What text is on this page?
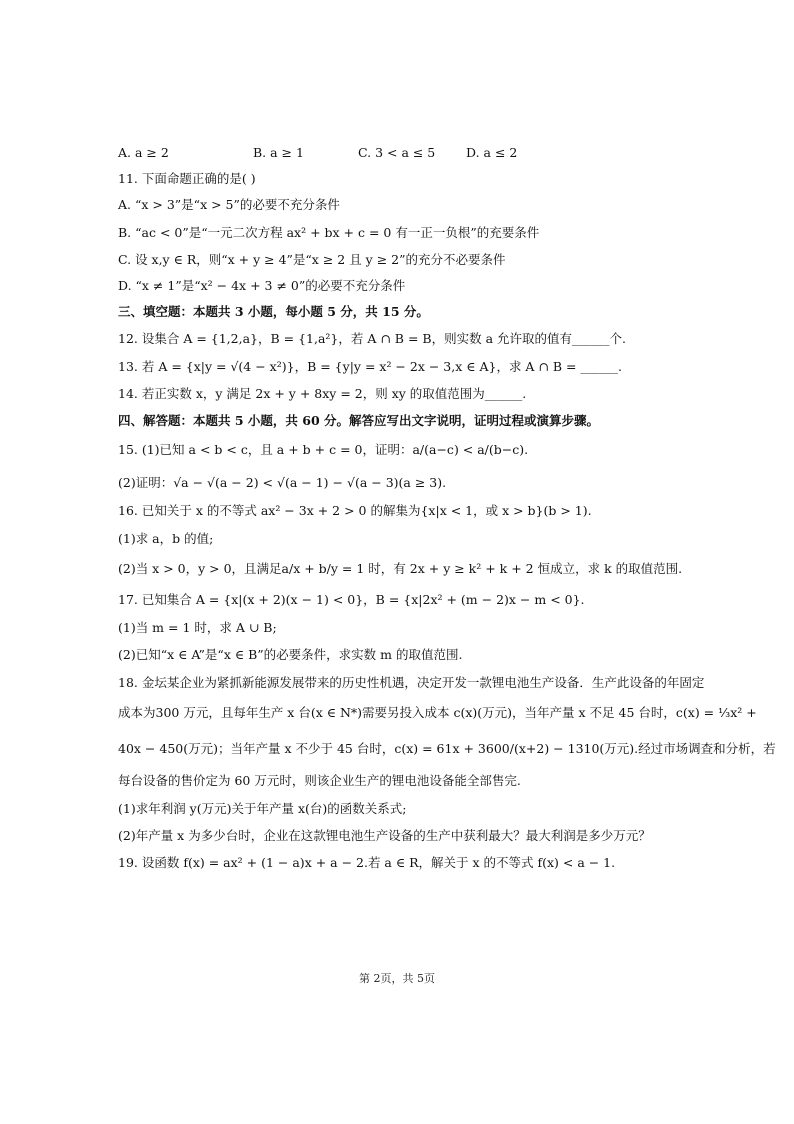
A. a ≥ 2	B. a ≥ 1	C. 3 < a ≤ 5 D. a ≤ 2
11. 下面命题正确的是( )
A. “x > 3”是“x > 5”的必要不充分条件
B. “ac < 0”是“一元二次方程 ax² + bx + c = 0 有一正一负根”的充要条件
C. 设 x,y ∈ R，则“x + y ≥ 4”是“x ≥ 2 且 y ≥ 2”的充分不必要条件
D. “x ≠ 1”是“x² − 4x + 3 ≠ 0”的必要不充分条件
三、填空题：本题共 3 小题，每小题 5 分，共 15 分。
12. 设集合 A = {1,2,a}，B = {1,a²}，若 A ∩ B = B，则实数 a 允许取的值有______个.
13. 若 A = {x|y = √(4 − x²)}，B = {y|y = x² − 2x − 3,x ∈ A}，求 A ∩ B = ______.
14. 若正实数 x，y 满足 2x + y + 8xy = 2，则 xy 的取值范围为______.
四、解答题：本题共 5 小题，共 60 分。解答应写出文字说明，证明过程或演算步骤。
15. (1)已知 a < b < c，且 a + b + c = 0，证明：a/(a−c) < a/(b−c).
(2)证明：√a − √(a − 2) < √(a − 1) − √(a − 3)(a ≥ 3).
16. 已知关于 x 的不等式 ax² − 3x + 2 > 0 的解集为{x|x < 1，或 x > b}(b > 1).
(1)求 a，b 的值;
(2)当 x > 0，y > 0，且满足a/x + b/y = 1 时，有 2x + y ≥ k² + k + 2 恒成立，求 k 的取值范围.
17. 已知集合 A = {x|(x + 2)(x − 1) < 0}，B = {x|2x² + (m − 2)x − m < 0}.
(1)当 m = 1 时，求 A ∪ B;
(2)已知“x ∈ A”是“x ∈ B”的必要条件，求实数 m 的取值范围.
18. 金坛某企业为紧抓新能源发展带来的历史性机遇，决定开发一款锂电池生产设备．生产此设备的年固定
成本为300 万元，且每年生产 x 台(x ∈ N*)需要另投入成本 c(x)(万元)，当年产量 x 不足 45 台时，c(x) = ⅓x² +
40x − 450(万元)；当年产量 x 不少于 45 台时，c(x) = 61x + 3600/(x+2) − 1310(万元).经过市场调查和分析，若
每台设备的售价定为 60 万元时，则该企业生产的锂电池设备能全部售完.
(1)求年利润 y(万元)关于年产量 x(台)的函数关系式;
(2)年产量 x 为多少台时，企业在这款锂电池生产设备的生产中获利最大？最大利润是多少万元？
19. 设函数 f(x) = ax² + (1 − a)x + a − 2.若 a ∈ R，解关于 x 的不等式 f(x) < a − 1.
第 2页，共 5页
